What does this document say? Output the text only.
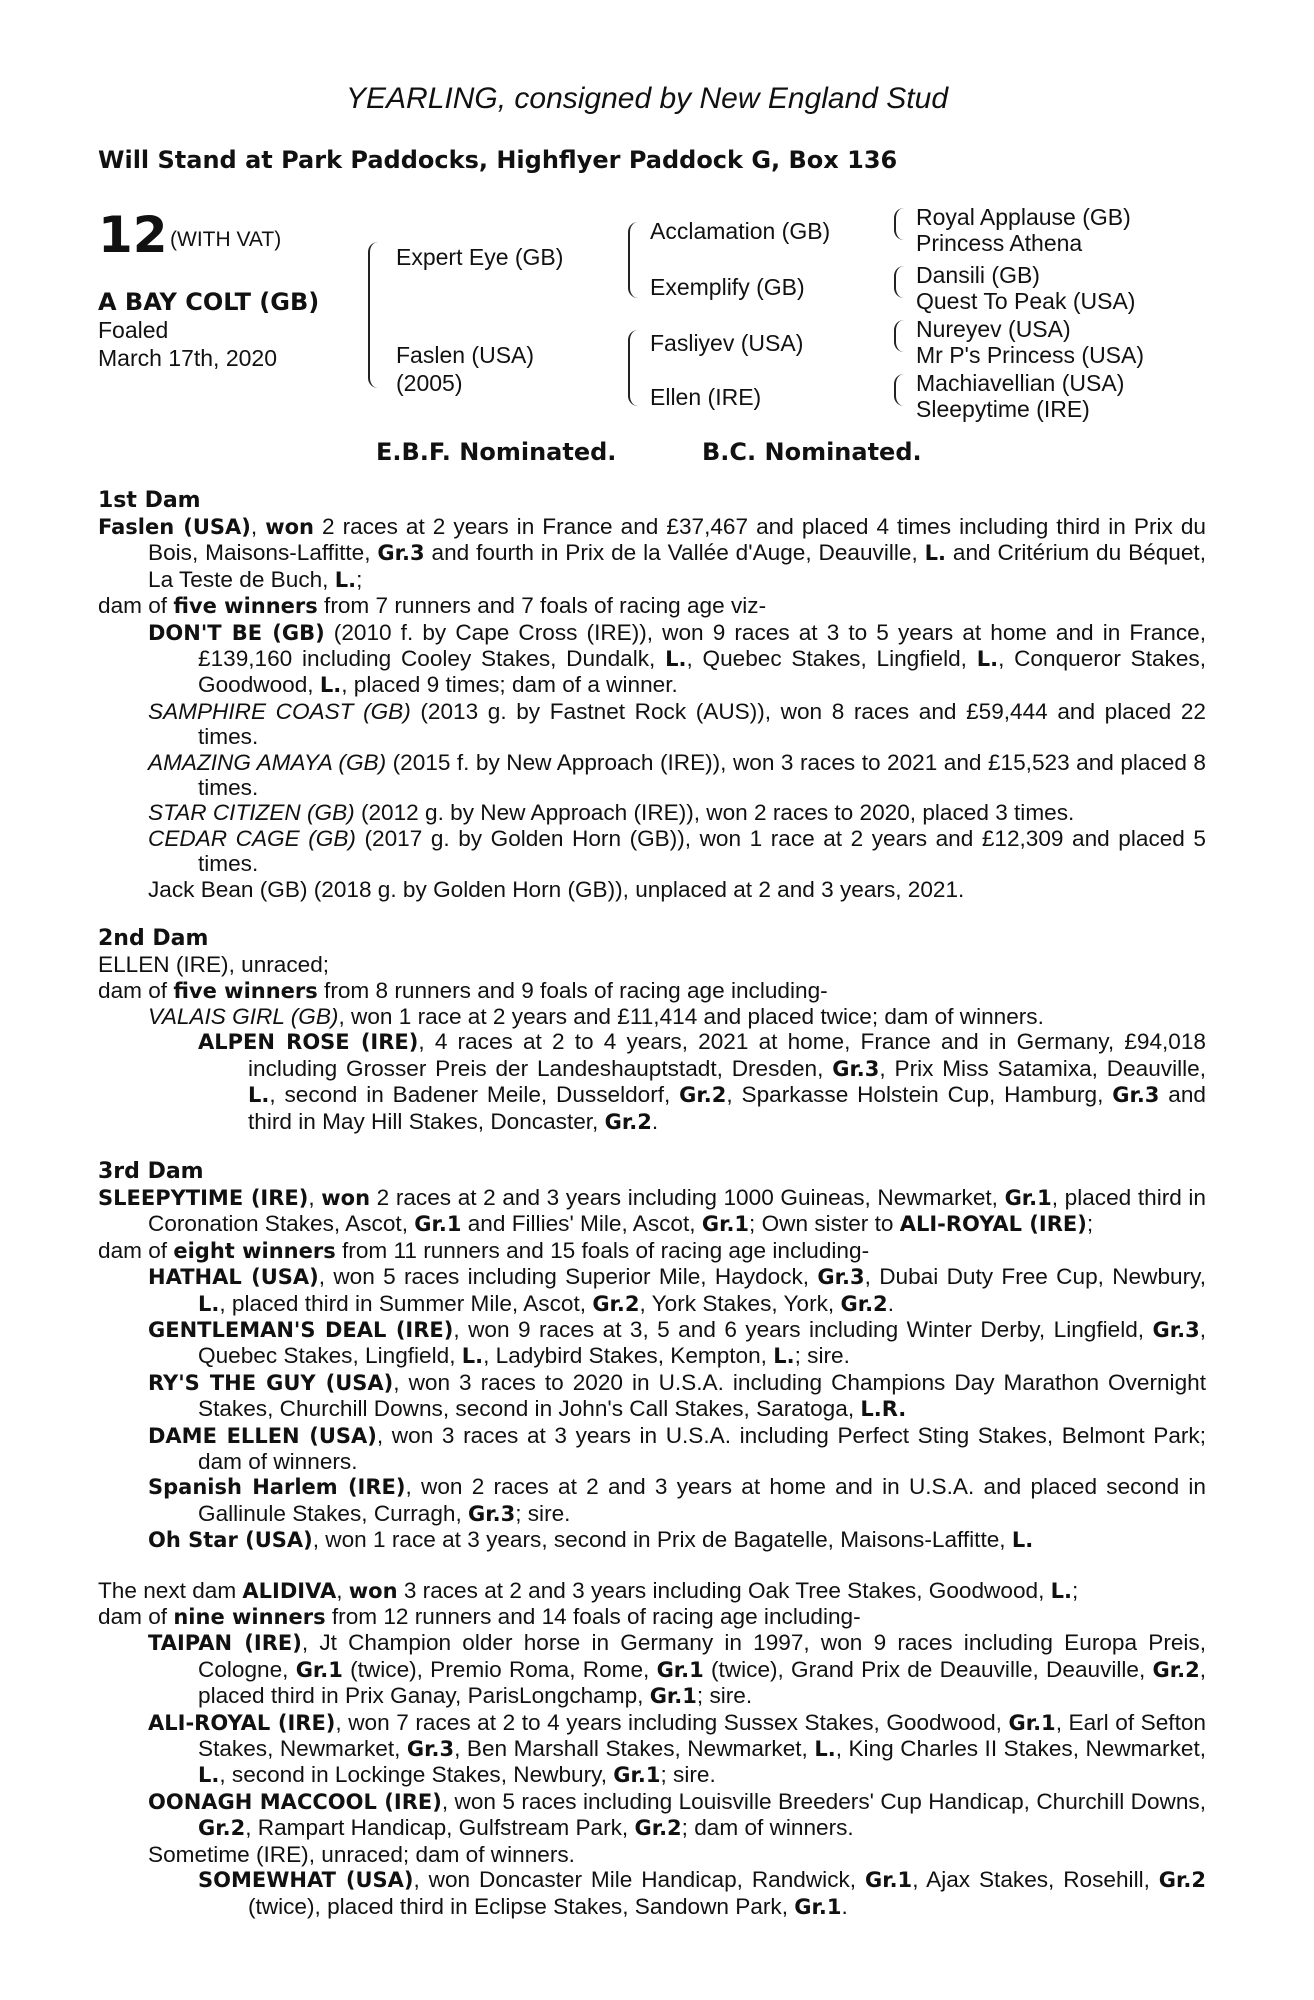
YEARLING, consigned by New England Stud
Will Stand at Park Paddocks, Highflyer Paddock G, Box 136
12 (WITH VAT)
A BAY COLT (GB)
Foaled
March 17th, 2020
Expert Eye (GB)
Faslen (USA)
(2005)
Acclamation (GB)
Exemplify (GB)
Fasliyev (USA)
Ellen (IRE)
Royal Applause (GB)
Princess Athena
Dansili (GB)
Quest To Peak (USA)
Nureyev (USA)
Mr P's Princess (USA)
Machiavellian (USA)
Sleepytime (IRE)
E.B.F. Nominated.	B.C. Nominated.
1st Dam

Faslen (USA), won 2 races at 2 years in France and £37,467 and placed 4 times including third in Prix du Bois, Maisons-Laffitte, Gr.3 and fourth in Prix de la Vallée d'Auge, Deauville, L. and Critérium du Béquet, La Teste de Buch, L.;

dam of five winners from 7 runners and 7 foals of racing age viz-

DON'T BE (GB) (2010 f. by Cape Cross (IRE)), won 9 races at 3 to 5 years at home and in France, £139,160 including Cooley Stakes, Dundalk, L., Quebec Stakes, Lingfield, L., Conqueror Stakes, Goodwood, L., placed 9 times; dam of a winner.

SAMPHIRE COAST (GB) (2013 g. by Fastnet Rock (AUS)), won 8 races and £59,444 and placed 22 times.

AMAZING AMAYA (GB) (2015 f. by New Approach (IRE)), won 3 races to 2021 and £15,523 and placed 8 times.

STAR CITIZEN (GB) (2012 g. by New Approach (IRE)), won 2 races to 2020, placed 3 times.

CEDAR CAGE (GB) (2017 g. by Golden Horn (GB)), won 1 race at 2 years and £12,309 and placed 5 times.

Jack Bean (GB) (2018 g. by Golden Horn (GB)), unplaced at 2 and 3 years, 2021.

2nd Dam

ELLEN (IRE), unraced;

dam of five winners from 8 runners and 9 foals of racing age including-

VALAIS GIRL (GB), won 1 race at 2 years and £11,414 and placed twice; dam of winners.

ALPEN ROSE (IRE), 4 races at 2 to 4 years, 2021 at home, France and in Germany, £94,018 including Grosser Preis der Landeshauptstadt, Dresden, Gr.3, Prix Miss Satamixa, Deauville, L., second in Badener Meile, Dusseldorf, Gr.2, Sparkasse Holstein Cup, Hamburg, Gr.3 and third in May Hill Stakes, Doncaster, Gr.2.

3rd Dam

SLEEPYTIME (IRE), won 2 races at 2 and 3 years including 1000 Guineas, Newmarket, Gr.1, placed third in Coronation Stakes, Ascot, Gr.1 and Fillies' Mile, Ascot, Gr.1; Own sister to ALI-ROYAL (IRE);

dam of eight winners from 11 runners and 15 foals of racing age including-

HATHAL (USA), won 5 races including Superior Mile, Haydock, Gr.3, Dubai Duty Free Cup, Newbury, L., placed third in Summer Mile, Ascot, Gr.2, York Stakes, York, Gr.2.

GENTLEMAN'S DEAL (IRE), won 9 races at 3, 5 and 6 years including Winter Derby, Lingfield, Gr.3, Quebec Stakes, Lingfield, L., Ladybird Stakes, Kempton, L.; sire.

RY'S THE GUY (USA), won 3 races to 2020 in U.S.A. including Champions Day Marathon Overnight Stakes, Churchill Downs, second in John's Call Stakes, Saratoga, L.R.

DAME ELLEN (USA), won 3 races at 3 years in U.S.A. including Perfect Sting Stakes, Belmont Park; dam of winners.

Spanish Harlem (IRE), won 2 races at 2 and 3 years at home and in U.S.A. and placed second in Gallinule Stakes, Curragh, Gr.3; sire.

Oh Star (USA), won 1 race at 3 years, second in Prix de Bagatelle, Maisons-Laffitte, L.

The next dam ALIDIVA, won 3 races at 2 and 3 years including Oak Tree Stakes, Goodwood, L.;

dam of nine winners from 12 runners and 14 foals of racing age including-

TAIPAN (IRE), Jt Champion older horse in Germany in 1997, won 9 races including Europa Preis, Cologne, Gr.1 (twice), Premio Roma, Rome, Gr.1 (twice), Grand Prix de Deauville, Deauville, Gr.2, placed third in Prix Ganay, ParisLongchamp, Gr.1; sire.

ALI-ROYAL (IRE), won 7 races at 2 to 4 years including Sussex Stakes, Goodwood, Gr.1, Earl of Sefton Stakes, Newmarket, Gr.3, Ben Marshall Stakes, Newmarket, L., King Charles II Stakes, Newmarket, L., second in Lockinge Stakes, Newbury, Gr.1; sire.

OONAGH MACCOOL (IRE), won 5 races including Louisville Breeders' Cup Handicap, Churchill Downs, Gr.2, Rampart Handicap, Gulfstream Park, Gr.2; dam of winners.

Sometime (IRE), unraced; dam of winners.

SOMEWHAT (USA), won Doncaster Mile Handicap, Randwick, Gr.1, Ajax Stakes, Rosehill, Gr.2 (twice), placed third in Eclipse Stakes, Sandown Park, Gr.1.
